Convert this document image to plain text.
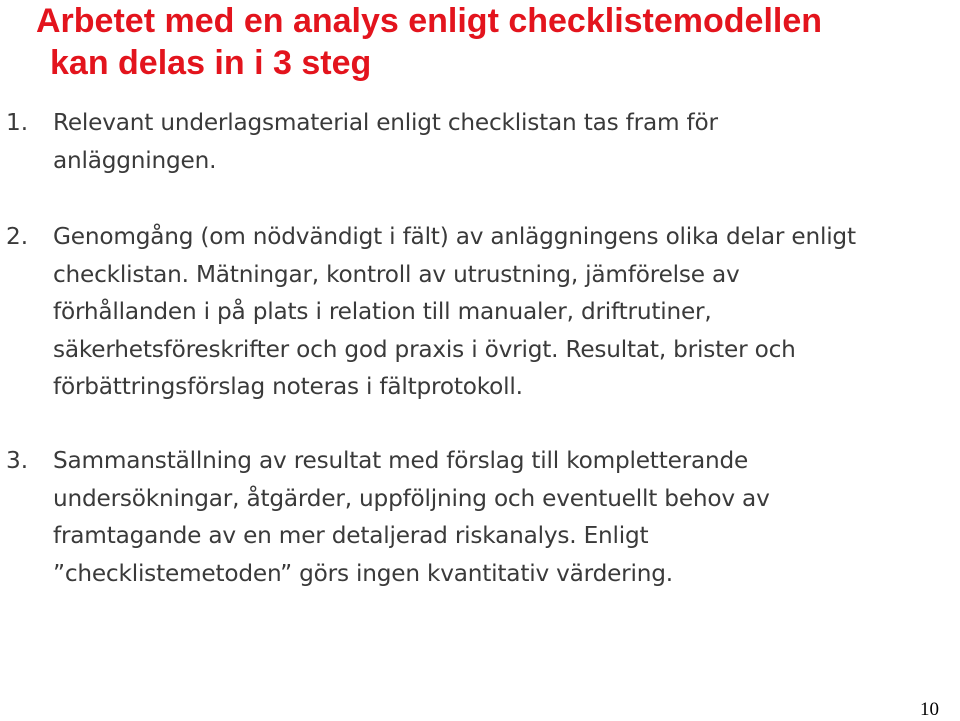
Arbetet med en analys enligt checklistemodellen
kan delas in i 3 steg
1.	Relevant underlagsmaterial enligt checklistan tas fram för
anläggningen.
2.	Genomgång (om nödvändigt i fält) av anläggningens olika delar enligt
checklistan. Mätningar, kontroll av utrustning, jämförelse av
förhållanden i på plats i relation till manualer, driftrutiner,
säkerhetsföreskrifter och god praxis i övrigt. Resultat, brister och
förbättringsförslag noteras i fältprotokoll.
3.	Sammanställning av resultat med förslag till kompletterande
undersökningar, åtgärder, uppföljning och eventuellt behov av
framtagande av en mer detaljerad riskanalys. Enligt
”checklistemetoden” görs ingen kvantitativ värdering.
10
